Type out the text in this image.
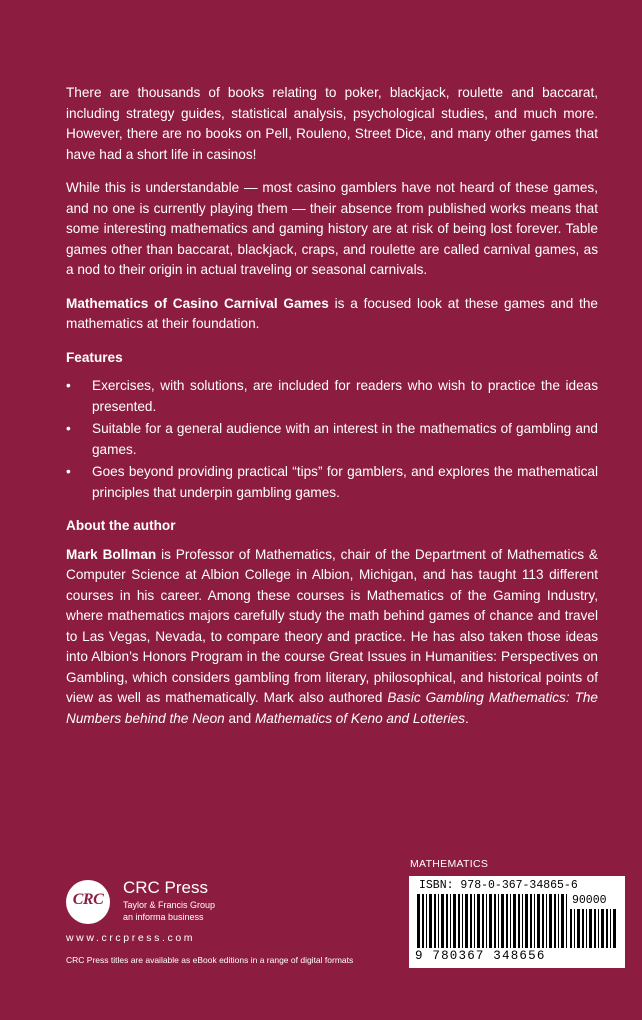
There are thousands of books relating to poker, blackjack, roulette and baccarat, including strategy guides, statistical analysis, psychological studies, and much more. However, there are no books on Pell, Rouleno, Street Dice, and many other games that have had a short life in casinos!

While this is understandable — most casino gamblers have not heard of these games, and no one is currently playing them — their absence from published works means that some interesting mathematics and gaming history are at risk of being lost forever. Table games other than baccarat, blackjack, craps, and roulette are called carnival games, as a nod to their origin in actual traveling or seasonal carnivals.

Mathematics of Casino Carnival Games is a focused look at these games and the mathematics at their foundation.

Features
• Exercises, with solutions, are included for readers who wish to practice the ideas presented.
• Suitable for a general audience with an interest in the mathematics of gambling and games.
• Goes beyond providing practical “tips” for gamblers, and explores the mathematical principles that underpin gambling games.
About the author

Mark Bollman is Professor of Mathematics, chair of the Department of Mathematics & Computer Science at Albion College in Albion, Michigan, and has taught 113 different courses in his career. Among these courses is Mathematics of the Gaming Industry, where mathematics majors carefully study the math behind games of chance and travel to Las Vegas, Nevada, to compare theory and practice. He has also taken those ideas into Albion’s Honors Program in the course Great Issues in Humanities: Perspectives on Gambling, which considers gambling from literary, philosophical, and historical points of view as well as mathematically. Mark also authored Basic Gambling Mathematics: The Numbers behind the Neon and Mathematics of Keno and Lotteries.

CRC
CRC Press
Taylor & Francis Group
an informa business
www.crcpress.com
CRC Press titles are available as eBook editions in a range of digital formats
MATHEMATICS
ISBN: 978-0-367-34865-6
90000
9 780367 348656
